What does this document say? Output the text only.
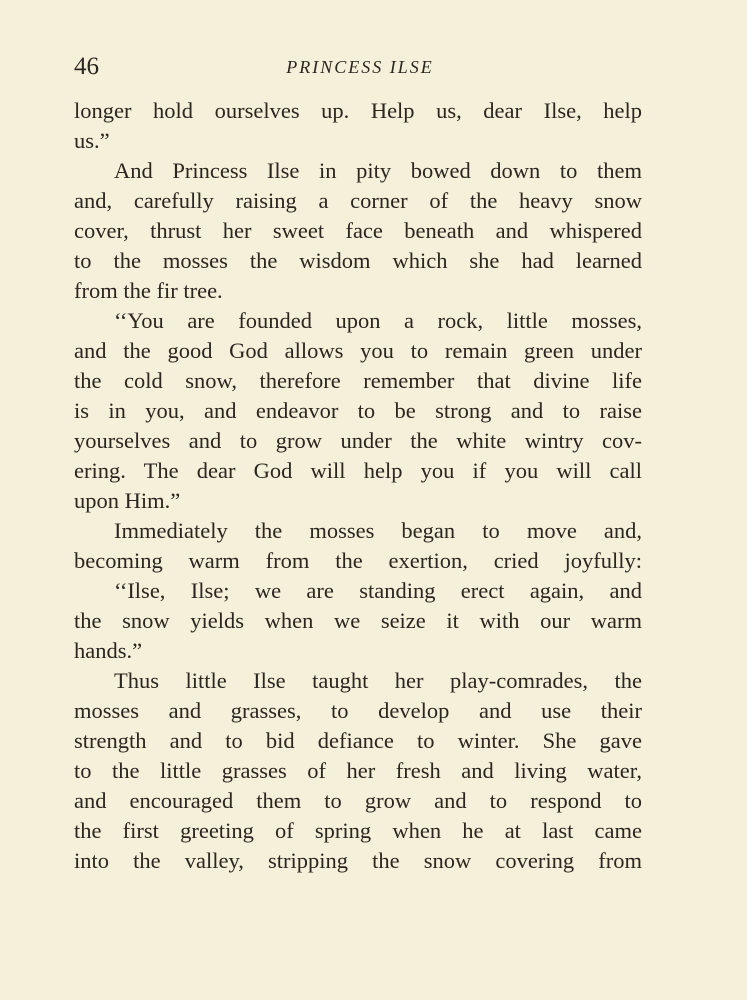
46	PRINCESS ILSE
longer hold ourselves up. Help us, dear Ilse, help
us.”
And Princess Ilse in pity bowed down to them
and, carefully raising a corner of the heavy snow
cover, thrust her sweet face beneath and whispered
to the mosses the wisdom which she had learned
from the fir tree.
‘‘You are founded upon a rock, little mosses,
and the good God allows you to remain green under
the cold snow, therefore remember that divine life
is in you, and endeavor to be strong and to raise
yourselves and to grow under the white wintry cov-
ering. The dear God will help you if you will call
upon Him.”
Immediately the mosses began to move and,
becoming warm from the exertion, cried joyfully:
‘‘Ilse, Ilse; we are standing erect again, and
the snow yields when we seize it with our warm
hands.”
Thus little Ilse taught her play-comrades, the
mosses and grasses, to develop and use their
strength and to bid defiance to winter. She gave
to the little grasses of her fresh and living water,
and encouraged them to grow and to respond to
the first greeting of spring when he at last came
into the valley, stripping the snow covering from
